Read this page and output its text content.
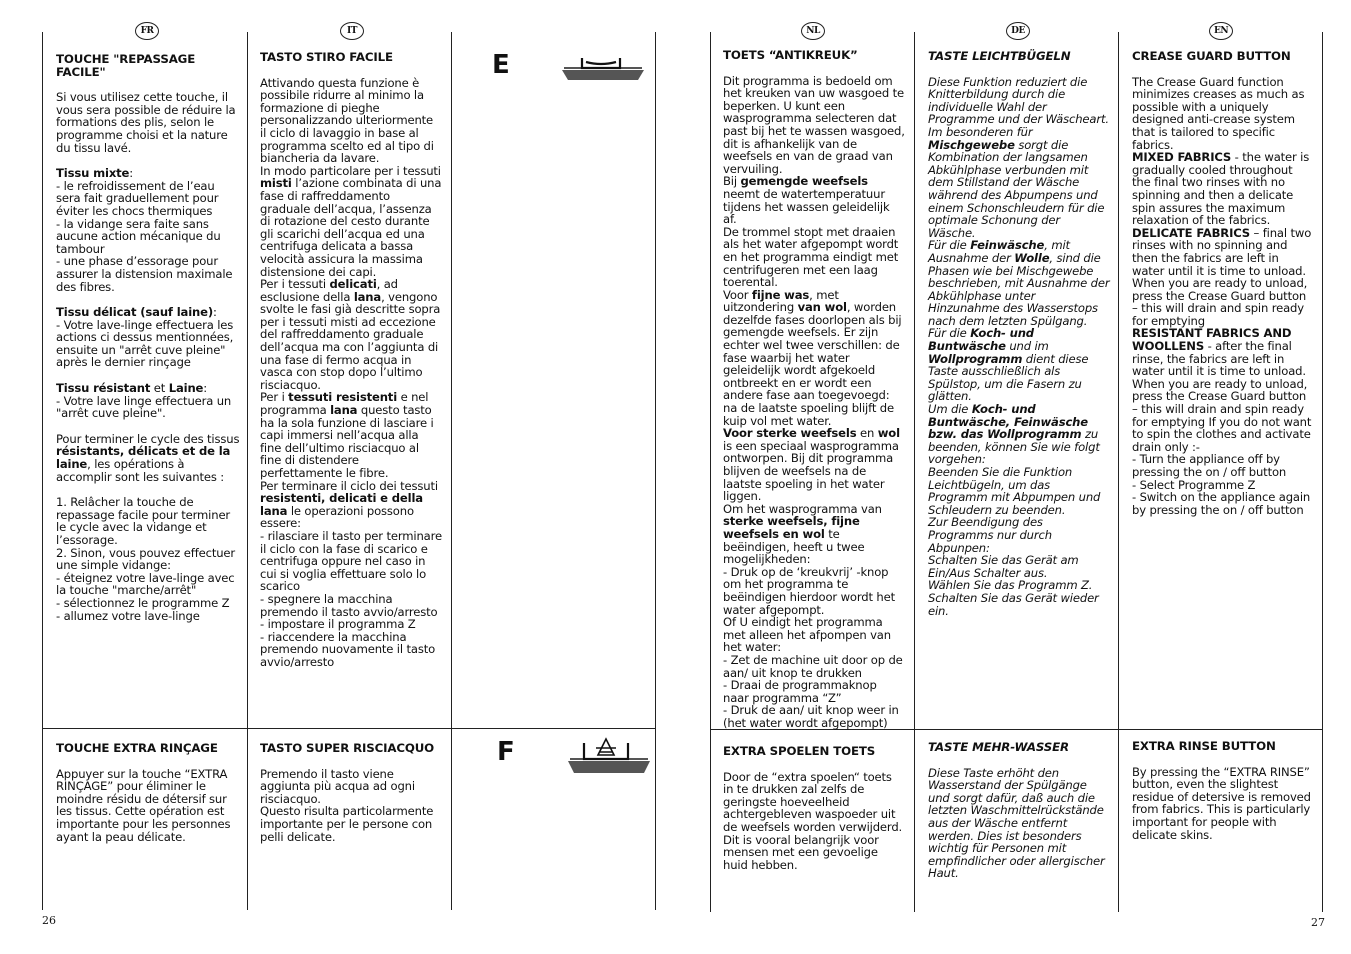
FR	IT	NL	DE	EN
E
F

TOUCHE "REPASSAGE FACILE"

Si vous utilisez cette touche, il vous sera possible de réduire la formations des plis, selon le programme choisi et la nature du tissu lavé.

Tissu mixte:
- le refroidissement de l’eau sera fait graduellement pour éviter les chocs thermiques
- la vidange sera faite sans aucune action mécanique du tambour
- une phase d’essorage pour assurer la distension maximale des fibres.

Tissu délicat (sauf laine):
- Votre lave-linge effectuera les actions ci dessus mentionnées, ensuite un "arrêt cuve pleine" après le dernier rinçage

Tissu résistant et Laine:
- Votre lave linge effectuera un "arrêt cuve pleine".

Pour terminer le cycle des tissus résistants, délicats et de la laine, les opérations à accomplir sont les suivantes :

1. Relâcher la touche de repassage facile pour terminer le cycle avec la vidange et l’essorage.
2. Sinon, vous pouvez effectuer une simple vidange:
- éteignez votre lave-linge avec la touche "marche/arrêt"
- sélectionnez le programme Z
- allumez votre lave-linge

TASTO STIRO FACILE

Attivando questa funzione è possibile ridurre al minimo la formazione di pieghe personalizzando ulteriormente il ciclo di lavaggio in base al programma scelto ed al tipo di biancheria da lavare.
In modo particolare per i tessuti misti l’azione combinata di una fase di raffreddamento graduale dell’acqua, l’assenza di rotazione del cesto durante gli scarichi dell’acqua ed una centrifuga delicata a bassa velocità assicura la massima distensione dei capi.
Per i tessuti delicati, ad esclusione della lana, vengono svolte le fasi già descritte sopra per i tessuti misti ad eccezione del raffreddamento graduale dell’acqua ma con l’aggiunta di una fase di fermo acqua in vasca con stop dopo l’ultimo risciacquo.
Per i tessuti resistenti e nel programma lana questo tasto ha la sola funzione di lasciare i capi immersi nell’acqua alla fine dell’ultimo risciacquo al fine di distendere perfettamente le fibre.
Per terminare il ciclo dei tessuti resistenti, delicati e della lana le operazioni possono essere:
- rilasciare il tasto per terminare il ciclo con la fase di scarico e centrifuga oppure nel caso in cui si voglia effettuare solo lo scarico
- spegnere la macchina premendo il tasto avvio/arresto
- impostare il programma Z
- riaccendere la macchina premendo nuovamente il tasto avvio/arresto

TOETS “ANTIKREUK”

Dit programma is bedoeld om het kreuken van uw wasgoed te beperken. U kunt een wasprogramma selecteren dat past bij het te wassen wasgoed, dit is afhankelijk van de weefsels en van de graad van vervuiling.
Bij gemengde weefsels neemt de watertemperatuur tijdens het wassen geleidelijk af.
De trommel stopt met draaien als het water afgepompt wordt en het programma eindigt met centrifugeren met een laag toerental.
Voor fijne was, met uitzondering van wol, worden dezelfde fases doorlopen als bij gemengde weefsels. Er zijn echter wel twee verschillen: de fase waarbij het water geleidelijk wordt afgekoeld ontbreekt en er wordt een andere fase aan toegevoegd: na de laatste spoeling blijft de kuip vol met water.
Voor sterke weefsels en wol is een speciaal wasprogramma ontworpen. Bij dit programma blijven de weefsels na de laatste spoeling in het water liggen.
Om het wasprogramma van sterke weefsels, fijne weefsels en wol te beëindigen, heeft u twee mogelijkheden:
- Druk op de ‘kreukvrij’ -knop om het programma te beëindigen hierdoor wordt het water afgepompt.
Of U eindigt het programma met alleen het afpompen van het water:
- Zet de machine uit door op de aan/ uit knop te drukken
- Draai de programmaknop naar programma “Z”
- Druk de aan/ uit knop weer in (het water wordt afgepompt)

TASTE LEICHTBÜGELN

Diese Funktion reduziert die Knitterbildung durch die individuelle Wahl der Programme und der Wäscheart.
Im besonderen für Mischgewebe sorgt die Kombination der langsamen Abkühlphase verbunden mit dem Stillstand der Wäsche während des Abpumpens und einem Schonschleudern für die optimale Schonung der Wäsche.
Für die Feinwäsche, mit Ausnahme der Wolle, sind die Phasen wie bei Mischgewebe beschrieben, mit Ausnahme der Abkühlphase unter Hinzunahme des Wasserstops nach dem letzten Spülgang.
Für die Koch- und Buntwäsche und im Wollprogramm dient diese Taste ausschließlich als Spülstop, um die Fasern zu glätten.
Um die Koch- und Buntwäsche, Feinwäsche bzw. das Wollprogramm zu beenden, können Sie wie folgt vorgehen:
Beenden Sie die Funktion Leichtbügeln, um das Programm mit Abpumpen und Schleudern zu beenden.
Zur Beendigung des Programms nur durch Abpunpen:
Schalten Sie das Gerät am Ein/Aus Schalter aus.
Wählen Sie das Programm Z.
Schalten Sie das Gerät wieder ein.

CREASE GUARD BUTTON

The Crease Guard function minimizes creases as much as possible with a uniquely designed anti-crease system that is tailored to specific fabrics.
MIXED FABRICS - the water is gradually cooled throughout the final two rinses with no spinning and then a delicate spin assures the maximum relaxation of the fabrics.
DELICATE FABRICS – final two rinses with no spinning and then the fabrics are left in water until it is time to unload. When you are ready to unload, press the Crease Guard button – this will drain and spin ready for emptying
RESISTANT FABRICS AND WOOLLENS - after the final rinse, the fabrics are left in water until it is time to unload. When you are ready to unload, press the Crease Guard button – this will drain and spin ready for emptying If you do not want to spin the clothes and activate drain only :-
- Turn the appliance off by pressing the on / off button
- Select Programme Z
- Switch on the appliance again by pressing the on / off button

TOUCHE EXTRA RINÇAGE

Appuyer sur la touche “EXTRA RINÇAGE” pour éliminer le moindre résidu de détersif sur les tissus. Cette opération est importante pour les personnes ayant la peau délicate.

TASTO SUPER RISCIACQUO

Premendo il tasto viene aggiunta più acqua ad ogni risciacquo.
Questo risulta particolarmente importante per le persone con pelli delicate.

EXTRA SPOELEN TOETS

Door de “extra spoelen“ toets in te drukken zal zelfs de geringste hoeveelheid achtergebleven waspoeder uit de weefsels worden verwijderd. Dit is vooral belangrijk voor mensen met een gevoelige huid hebben.

TASTE MEHR-WASSER

Diese Taste erhöht den Wasserstand der Spülgänge und sorgt dafür, daß auch die letzten Waschmittelrückstände aus der Wäsche entfernt werden. Dies ist besonders wichtig für Personen mit empfindlicher oder allergischer Haut.

EXTRA RINSE BUTTON

By pressing the “EXTRA RINSE” button, even the slightest residue of detersive is removed from fabrics. This is particularly important for people with delicate skins.

26	27
